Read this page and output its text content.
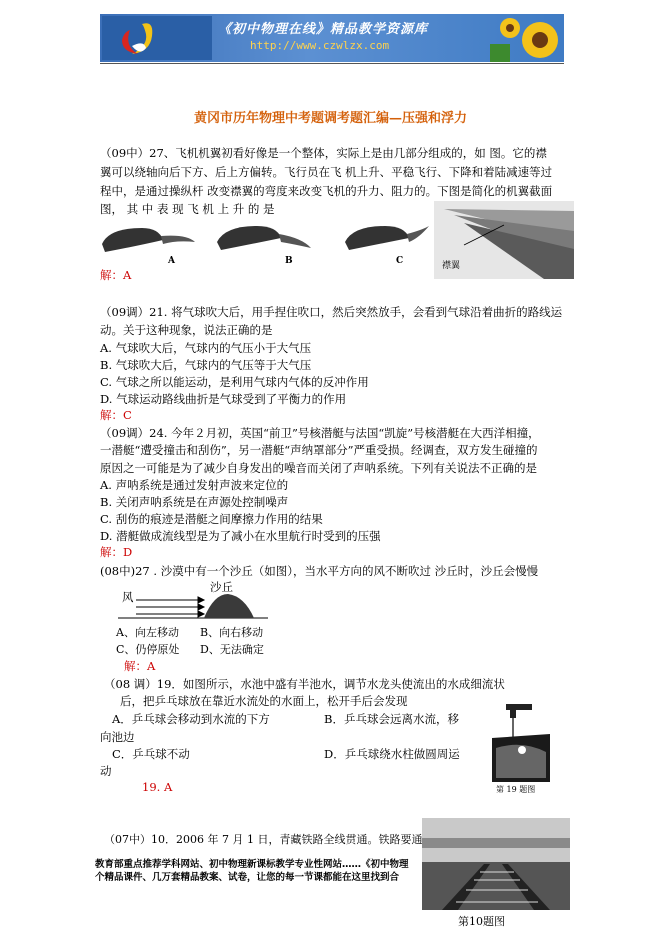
《初中物理在线》精品教学资源库
http://www.czwlzx.com
黄冈市历年物理中考题调考题汇编—压强和浮力
（09中）27、飞机机翼初看好像是一个整体，实际上是由几部分组成的，如 图。它的襟
翼可以绕轴向后下方、后上方偏转。飞行员在飞 机上升、平稳飞行、下降和着陆减速等过
程中，是通过操纵杆 改变襟翼的弯度来改变飞机的升力、阻力的。下图是简化的机翼截面
图， 其 中 表 现 飞 机 上 升 的 是
A	B	C	襟翼
解：A
（09调）21. 将气球吹大后，用手捏住吹口，然后突然放手，会看到气球沿着曲折的路线运
动。关于这种现象，说法正确的是
A. 气球吹大后，气球内的气压小于大气压
B. 气球吹大后，气球内的气压等于大气压
C. 气球之所以能运动，是利用气球内气体的反冲作用
D. 气球运动路线曲折是气球受到了平衡力的作用
解：C
（09调）24. 今年２月初，英国“前卫”号核潜艇与法国“凯旋”号核潜艇在大西洋相撞，
一潜艇“遭受撞击和刮伤”，另一潜艇“声纳罩部分”严重受损。经调查，双方发生碰撞的
原因之一可能是为了减少自身发出的噪音而关闭了声呐系统。下列有关说法不正确的是
A. 声呐系统是通过发射声波来定位的
B. 关闭声呐系统是在声源处控制噪声
C. 刮伤的痕迹是潜艇之间摩擦力作用的结果
D. 潜艇做成流线型是为了减小在水里航行时受到的压强
解：D
(08中)27 . 沙漠中有一个沙丘（如图），当水平方向的风不断吹过 沙丘时，沙丘会慢慢
风
沙丘
A、向左移动 B、向右移动
C、仍停原处 D、无法确定
解：A
（08 调）19．如图所示，水池中盛有半池水，调节水龙头使流出的水成细流状
后，把乒乓球放在靠近水流处的水面上，松开手后会发现
A．乒乓球会移动到水流的下方	B．乒乓球会远离水流，移
向池边
C．乒乓球不动	D．乒乓球绕水柱做圆周运
动
第 19 题图
19. A
（07中）10．2006 年 7 月 1 日，青藏铁路全线贯通。铁路要通
第10题图
教育部重点推荐学科网站、初中物理新课标教学专业性网站……《初中物理
个精品课件、几万套精品教案、试卷，让您的每一节课都能在这里找到合
